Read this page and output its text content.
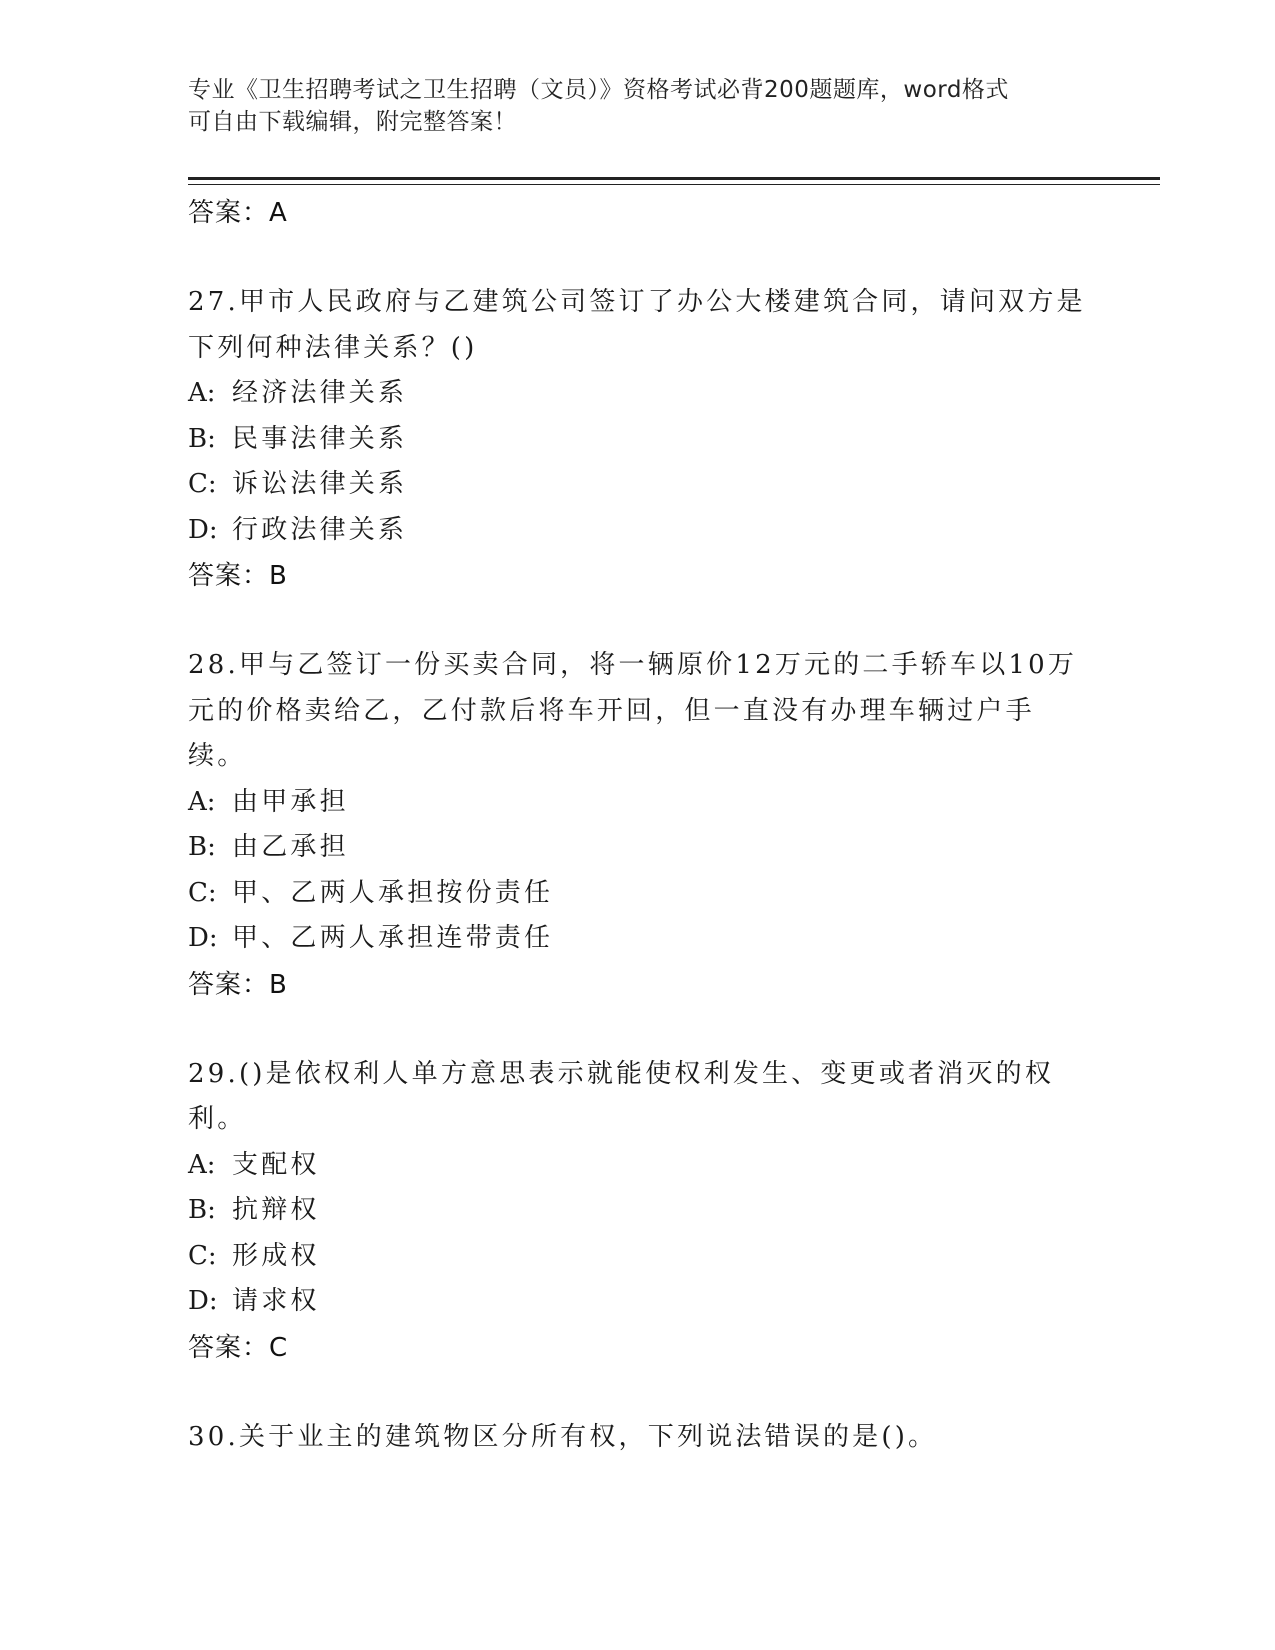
专业《卫生招聘考试之卫生招聘（文员）》资格考试必背200题题库，word格式
可自由下载编辑，附完整答案！
答案：A
27.甲市人民政府与乙建筑公司签订了办公大楼建筑合同，请问双方是下列何种法律关系？()
A: 经济法律关系
B: 民事法律关系
C: 诉讼法律关系
D: 行政法律关系
答案：B
28.甲与乙签订一份买卖合同，将一辆原价12万元的二手轿车以10万元的价格卖给乙，乙付款后将车开回，但一直没有办理车辆过户手续。
A: 由甲承担
B: 由乙承担
C: 甲、乙两人承担按份责任
D: 甲、乙两人承担连带责任
答案：B
29.()是依权利人单方意思表示就能使权利发生、变更或者消灭的权利。
A: 支配权
B: 抗辩权
C: 形成权
D: 请求权
答案：C
30.关于业主的建筑物区分所有权，下列说法错误的是()。
